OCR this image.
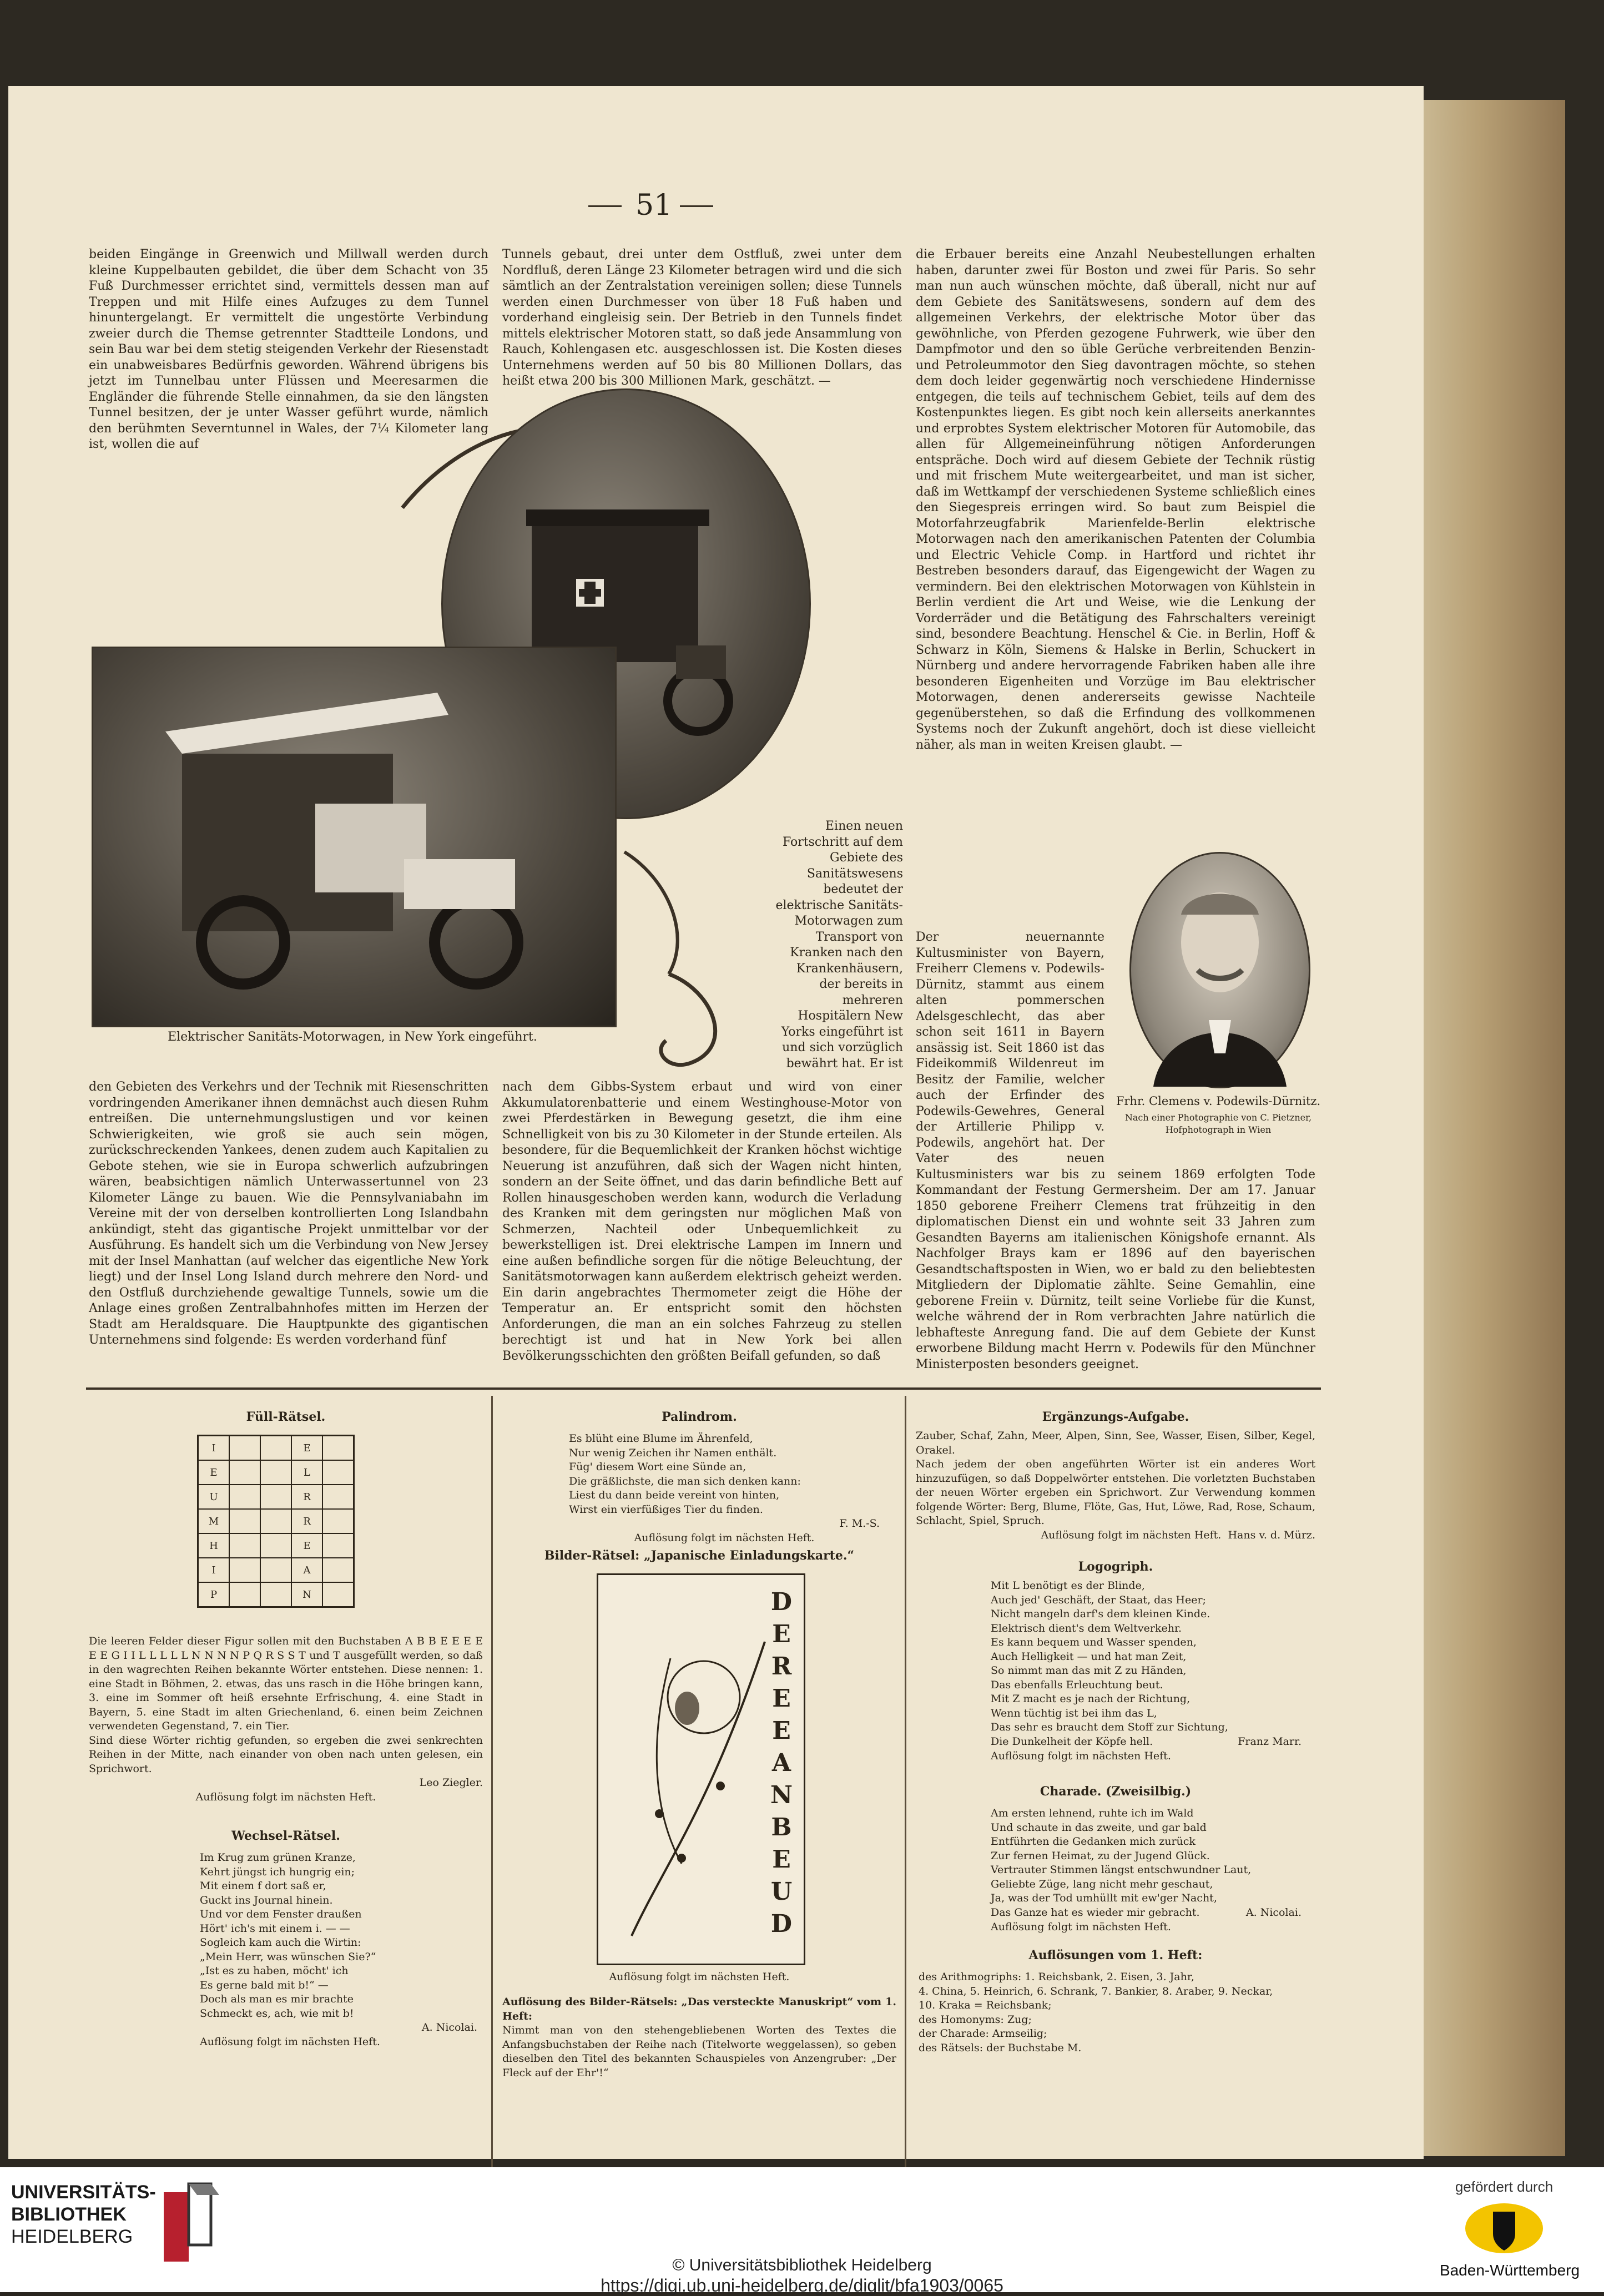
51
beiden Eingänge in Greenwich und Millwall werden durch kleine Kuppelbauten gebildet, die über dem Schacht von 35 Fuß Durchmesser errichtet sind, vermittels dessen man auf Treppen und mit Hilfe eines Aufzuges zu dem Tunnel hinuntergelangt. Er vermittelt die ungestörte Verbindung zweier durch die Themse getrennter Stadtteile Londons, und sein Bau war bei dem stetig steigenden Verkehr der Riesenstadt ein unabweisbares Bedürfnis geworden. Während übrigens bis jetzt im Tunnelbau unter Flüssen und Meeresarmen die Engländer die führende Stelle einnahmen, da sie den längsten Tunnel besitzen, der je unter Wasser geführt wurde, nämlich den berühmten Severntunnel in Wales, der 7¼ Kilometer lang ist, wollen die auf
Tunnels gebaut, drei unter dem Ostfluß, zwei unter dem Nordfluß, deren Länge 23 Kilometer betragen wird und die sich sämtlich an der Zentralstation vereinigen sollen; diese Tunnels werden einen Durchmesser von über 18 Fuß haben und vorderhand eingleisig sein. Der Betrieb in den Tunnels findet mittels elektrischer Motoren statt, so daß jede Ansammlung von Rauch, Kohlengasen etc. ausgeschlossen ist. Die Kosten dieses Unternehmens werden auf 50 bis 80 Millionen Dollars, das heißt etwa 200 bis 300 Millionen Mark, geschätzt. —
die Erbauer bereits eine Anzahl Neubestellungen erhalten haben, darunter zwei für Boston und zwei für Paris. So sehr man nun auch wünschen möchte, daß überall, nicht nur auf dem Gebiete des Sanitätswesens, sondern auf dem des allgemeinen Verkehrs, der elektrische Motor über das gewöhnliche, von Pferden gezogene Fuhrwerk, wie über den Dampfmotor und den so üble Gerüche verbreitenden Benzin- und Petroleummotor den Sieg davontragen möchte, so stehen dem doch leider gegenwärtig noch verschiedene Hindernisse entgegen, die teils auf technischem Gebiet, teils auf dem des Kostenpunktes liegen. Es gibt noch kein allerseits anerkanntes und erprobtes System elektrischer Motoren für Automobile, das allen für Allgemeineinführung nötigen Anforderungen entspräche. Doch wird auf diesem Gebiete der Technik rüstig und mit frischem Mute weitergearbeitet, und man ist sicher, daß im Wettkampf der verschiedenen Systeme schließlich eines den Siegespreis erringen wird. So baut zum Beispiel die Motorfahrzeugfabrik Marienfelde-Berlin elektrische Motorwagen nach den amerikanischen Patenten der Columbia und Electric Vehicle Comp. in Hartford und richtet ihr Bestreben besonders darauf, das Eigengewicht der Wagen zu vermindern. Bei den elektrischen Motorwagen von Kühlstein in Berlin verdient die Art und Weise, wie die Lenkung der Vorderräder und die Betätigung des Fahrschalters vereinigt sind, besondere Beachtung. Henschel & Cie. in Berlin, Hoff & Schwarz in Köln, Siemens & Halske in Berlin, Schuckert in Nürnberg und andere hervorragende Fabriken haben alle ihre besonderen Eigenheiten und Vorzüge im Bau elektrischer Motorwagen, denen andererseits gewisse Nachteile gegenüberstehen, so daß die Erfindung des vollkommenen Systems noch der Zukunft angehört, doch ist diese vielleicht näher, als man in weiten Kreisen glaubt. —
Elektrischer Sanitäts-Motorwagen, in New York eingeführt.
Einen neuen Fortschritt auf dem Gebiete des Sanitätswesens bedeutet der elektrische Sanitäts-Motorwagen zum Transport von Kranken nach den Krankenhäusern, der bereits in mehreren Hospitälern New Yorks eingeführt ist und sich vorzüglich bewährt hat. Er ist
Frhr. Clemens v. Podewils-Dürnitz.
Nach einer Photographie von C. Pietzner, Hofphotograph in Wien

Der neuernannte Kultusminister von Bayern, Freiherr Clemens v. Podewils-Dürnitz, stammt aus einem alten pommerschen Adelsgeschlecht, das aber schon seit 1611 in Bayern ansässig ist. Seit 1860 ist das Fideikommiß Wildenreut im Besitz der Familie, welcher auch der Erfinder des Podewils-Gewehres, General der Artillerie Philipp v. Podewils, angehört hat. Der Vater des neuen Kultusministers war bis zu seinem 1869 erfolgten Tode Kommandant der Festung Germersheim. Der am 17. Januar 1850 geborene Freiherr Clemens trat frühzeitig in den diplomatischen Dienst ein und wohnte seit 33 Jahren zum Gesandten Bayerns am italienischen Königshofe ernannt. Als Nachfolger Brays kam er 1896 auf den bayerischen Gesandtschaftsposten in Wien, wo er bald zu den beliebtesten Mitgliedern der Diplomatie zählte. Seine Gemahlin, eine geborene Freiin v. Dürnitz, teilt seine Vorliebe für die Kunst, welche während der in Rom verbrachten Jahre natürlich die lebhafteste Anregung fand. Die auf dem Gebiete der Kunst erworbene Bildung macht Herrn v. Podewils für den Münchner Ministerposten besonders geeignet.

den Gebieten des Verkehrs und der Technik mit Riesenschritten vordringenden Amerikaner ihnen demnächst auch diesen Ruhm entreißen. Die unternehmungslustigen und vor keinen Schwierigkeiten, wie groß sie auch sein mögen, zurückschreckenden Yankees, denen zudem auch Kapitalien zu Gebote stehen, wie sie in Europa schwerlich aufzubringen wären, beabsichtigen nämlich Unterwassertunnel von 23 Kilometer Länge zu bauen. Wie die Pennsylvaniabahn im Vereine mit der von derselben kontrollierten Long Islandbahn ankündigt, steht das gigantische Projekt unmittelbar vor der Ausführung. Es handelt sich um die Verbindung von New Jersey mit der Insel Manhattan (auf welcher das eigentliche New York liegt) und der Insel Long Island durch mehrere den Nord- und den Ostfluß durchziehende gewaltige Tunnels, sowie um die Anlage eines großen Zentralbahnhofes mitten im Herzen der Stadt am Heraldsquare. Die Hauptpunkte des gigantischen Unternehmens sind folgende: Es werden vorderhand fünf
nach dem Gibbs-System erbaut und wird von einer Akkumulatorenbatterie und einem Westinghouse-Motor von zwei Pferdestärken in Bewegung gesetzt, die ihm eine Schnelligkeit von bis zu 30 Kilometer in der Stunde erteilen. Als besondere, für die Bequemlichkeit der Kranken höchst wichtige Neuerung ist anzuführen, daß sich der Wagen nicht hinten, sondern an der Seite öffnet, und das darin befindliche Bett auf Rollen hinausgeschoben werden kann, wodurch die Verladung des Kranken mit dem geringsten nur möglichen Maß von Schmerzen, Nachteil oder Unbequemlichkeit zu bewerkstelligen ist. Drei elektrische Lampen im Innern und eine außen befindliche sorgen für die nötige Beleuchtung, der Sanitätsmotorwagen kann außerdem elektrisch geheizt werden. Ein darin angebrachtes Thermometer zeigt die Höhe der Temperatur an. Er entspricht somit den höchsten Anforderungen, die man an ein solches Fahrzeug zu stellen berechtigt ist und hat in New York bei allen Bevölkerungsschichten den größten Beifall gefunden, so daß
Füll-Rätsel.
I			E	
E			L	
U			R	
M			R	
H			E	
I			A	
P			N	

Die leeren Felder dieser Figur sollen mit den Buchstaben A B B E E E E E E G I I L L L L L N N N N P Q R S S T und T ausgefüllt werden, so daß in den wagrechten Reihen bekannte Wörter entstehen. Diese nennen: 1. eine Stadt in Böhmen, 2. etwas, das uns rasch in die Höhe bringen kann, 3. eine im Sommer oft heiß ersehnte Erfrischung, 4. eine Stadt in Bayern, 5. eine Stadt im alten Griechenland, 6. einen beim Zeichnen verwendeten Gegenstand, 7. ein Tier.

Sind diese Wörter richtig gefunden, so ergeben die zwei senkrechten Reihen in der Mitte, nach einander von oben nach unten gelesen, ein Sprichwort.

Leo Ziegler.

Auflösung folgt im nächsten Heft.

Wechsel-Rätsel.
Im Krug zum grünen Kranze,
Kehrt jüngst ich hungrig ein;
Mit einem f dort saß er,
Guckt ins Journal hinein.
Und vor dem Fenster draußen
Hört' ich's mit einem i. — —
Sogleich kam auch die Wirtin:
„Mein Herr, was wünschen Sie?“
„Ist es zu haben, möcht' ich
Es gerne bald mit b!“ —
Doch als man es mir brachte
Schmeckt es, ach, wie mit b!

A. Nicolai.

Auflösung folgt im nächsten Heft.

Palindrom.
Es blüht eine Blume im Ährenfeld,
Nur wenig Zeichen ihr Namen enthält.
Füg' diesem Wort eine Sünde an,
Die gräßlichste, die man sich denken kann:
Liest du dann beide vereint von hinten,
Wirst ein vierfüßiges Tier du finden.

F. M.-S.

Auflösung folgt im nächsten Heft.

Bilder-Rätsel: „Japanische Einladungskarte.“
DEREEANBEUD
Auflösung folgt im nächsten Heft.

Auflösung des Bilder-Rätsels: „Das versteckte Manuskript“ vom 1. Heft:

Nimmt man von den stehengebliebenen Worten des Textes die Anfangsbuchstaben der Reihe nach (Titelworte weggelassen), so geben dieselben den Titel des bekannten Schauspieles von Anzengruber: „Der Fleck auf der Ehr'!“

Ergänzungs-Aufgabe.

Zauber, Schaf, Zahn, Meer, Alpen, Sinn, See, Wasser, Eisen, Silber, Kegel, Orakel.

Nach jedem der oben angeführten Wörter ist ein anderes Wort hinzuzufügen, so daß Doppelwörter entstehen. Die vorletzten Buchstaben der neuen Wörter ergeben ein Sprichwort. Zur Verwendung kommen folgende Wörter: Berg, Blume, Flöte, Gas, Hut, Löwe, Rad, Rose, Schaum, Schlacht, Spiel, Spruch.

Auflösung folgt im nächsten Heft. Hans v. d. Mürz.

Logogriph.
Mit L benötigt es der Blinde,
Auch jed' Geschäft, der Staat, das Heer;
Nicht mangeln darf's dem kleinen Kinde.
Elektrisch dient's dem Weltverkehr.
Es kann bequem und Wasser spenden,
Auch Helligkeit — und hat man Zeit,
So nimmt man das mit Z zu Händen,
Das ebenfalls Erleuchtung beut.
Mit Z macht es je nach der Richtung,
Wenn tüchtig ist bei ihm das L,
Das sehr es braucht dem Stoff zur Sichtung,
Die Dunkelheit der Köpfe hell.	Franz Marr.

Auflösung folgt im nächsten Heft.

Charade. (Zweisilbig.)
Am ersten lehnend, ruhte ich im Wald
Und schaute in das zweite, und gar bald
Entführten die Gedanken mich zurück
Zur fernen Heimat, zu der Jugend Glück.
Vertrauter Stimmen längst entschwundner Laut,
Geliebte Züge, lang nicht mehr geschaut,
Ja, was der Tod umhüllt mit ew'ger Nacht,
Das Ganze hat es wieder mir gebracht.	A. Nicolai.

Auflösung folgt im nächsten Heft.

Auflösungen vom 1. Heft:
des Arithmogriphs: 1. Reichsbank, 2. Eisen, 3. Jahr,
4. China, 5. Heinrich, 6. Schrank, 7. Bankier, 8. Araber, 9. Neckar,
10. Kraka = Reichsbank;
des Homonyms: Zug;
der Charade: Armseilig;
des Rätsels: der Buchstabe M.
UNIVERSITÄTS-
BIBLIOTHEK
HEIDELBERG
© Universitätsbibliothek Heidelberg
https://digi.ub.uni-heidelberg.de/diglit/bfa1903/0065
gefördert durch
Baden-Württemberg
